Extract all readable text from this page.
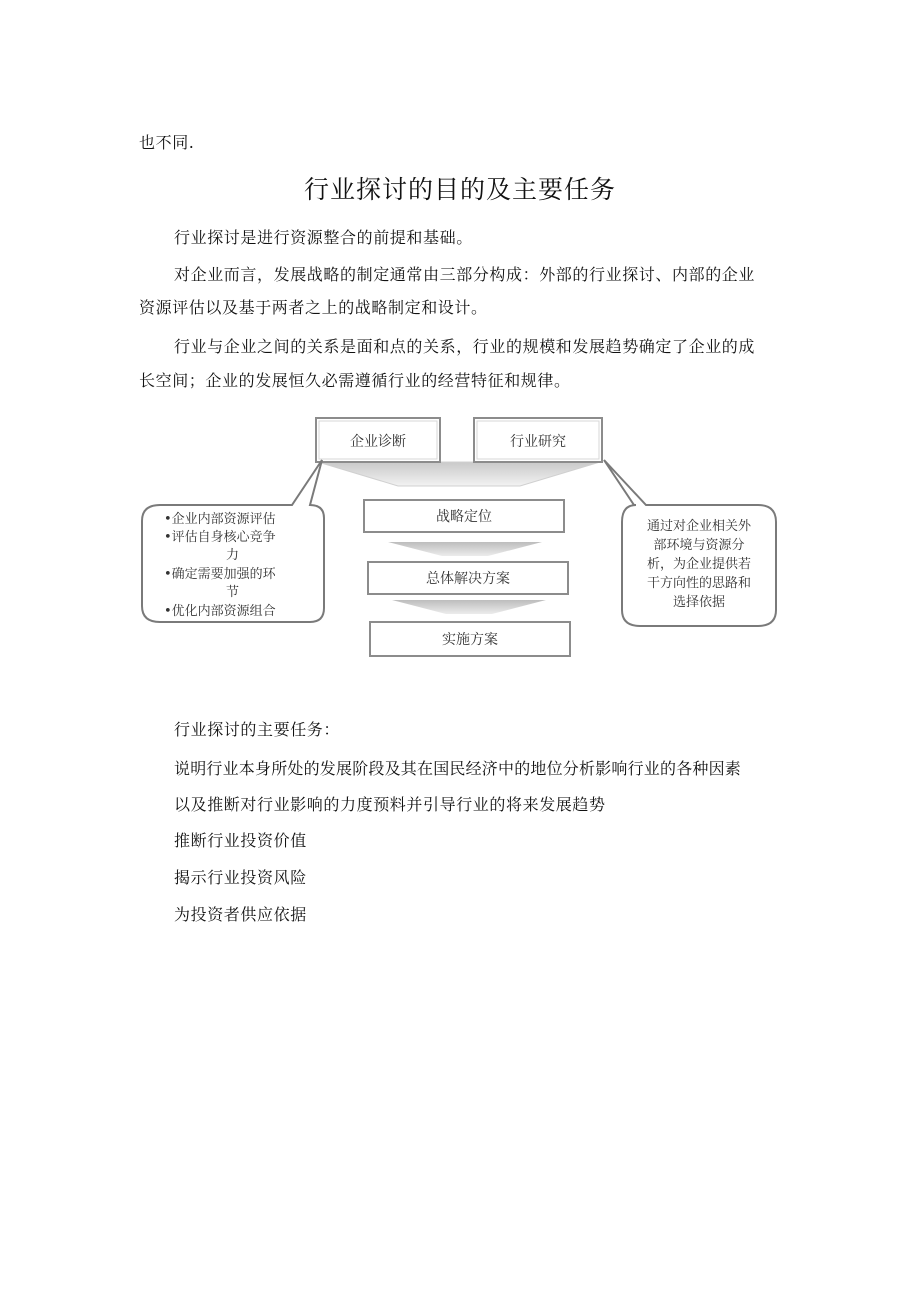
也不同.
行业探讨的目的及主要任务
行业探讨是进行资源整合的前提和基础。
对企业而言，发展战略的制定通常由三部分构成：外部的行业探讨、内部的企业
资源评估以及基于两者之上的战略制定和设计。
行业与企业之间的关系是面和点的关系，行业的规模和发展趋势确定了企业的成
长空间；企业的发展恒久必需遵循行业的经营特征和规律。
企业诊断	行业研究
战略定位
总体解决方案
实施方案
•企业内部资源评估
•评估自身核心竞争
力
•确定需要加强的环
节
•优化内部资源组合
通过对企业相关外
部环境与资源分
析，为企业提供若
干方向性的思路和
选择依据
行业探讨的主要任务：
说明行业本身所处的发展阶段及其在国民经济中的地位分析影响行业的各种因素
以及推断对行业影响的力度预料并引导行业的将来发展趋势
推断行业投资价值
揭示行业投资风险
为投资者供应依据
